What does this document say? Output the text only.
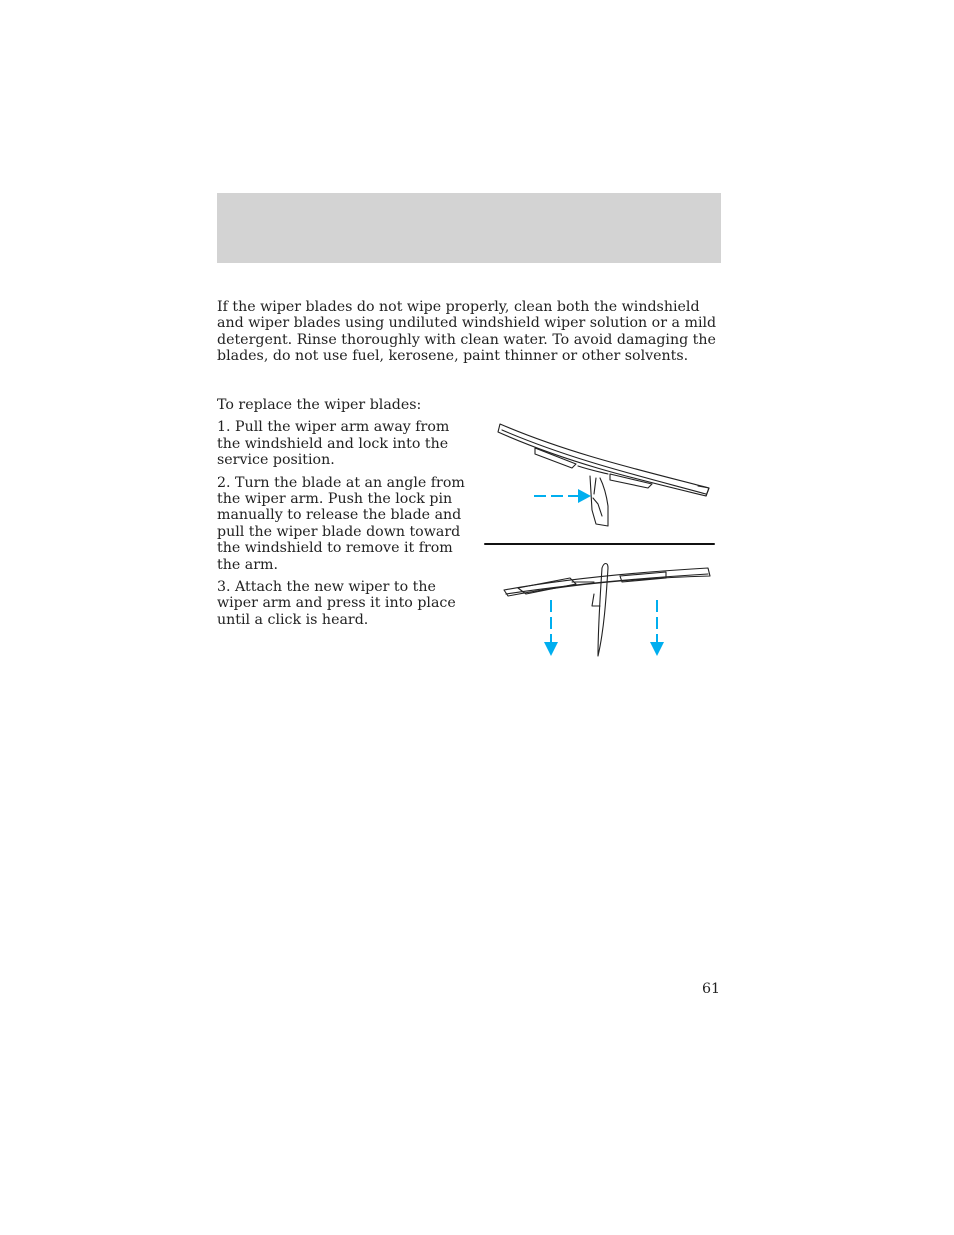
If the wiper blades do not wipe properly, clean both the windshield and wiper blades using undiluted windshield wiper solution or a mild detergent. Rinse thoroughly with clean water. To avoid damaging the blades, do not use fuel, kerosene, paint thinner or other solvents.

To replace the wiper blades:

1. Pull the wiper arm away from the windshield and lock into the service position.

2. Turn the blade at an angle from the wiper arm. Push the lock pin manually to release the blade and pull the wiper blade down toward the windshield to remove it from the arm.

3. Attach the new wiper to the wiper arm and press it into place until a click is heard.

61
